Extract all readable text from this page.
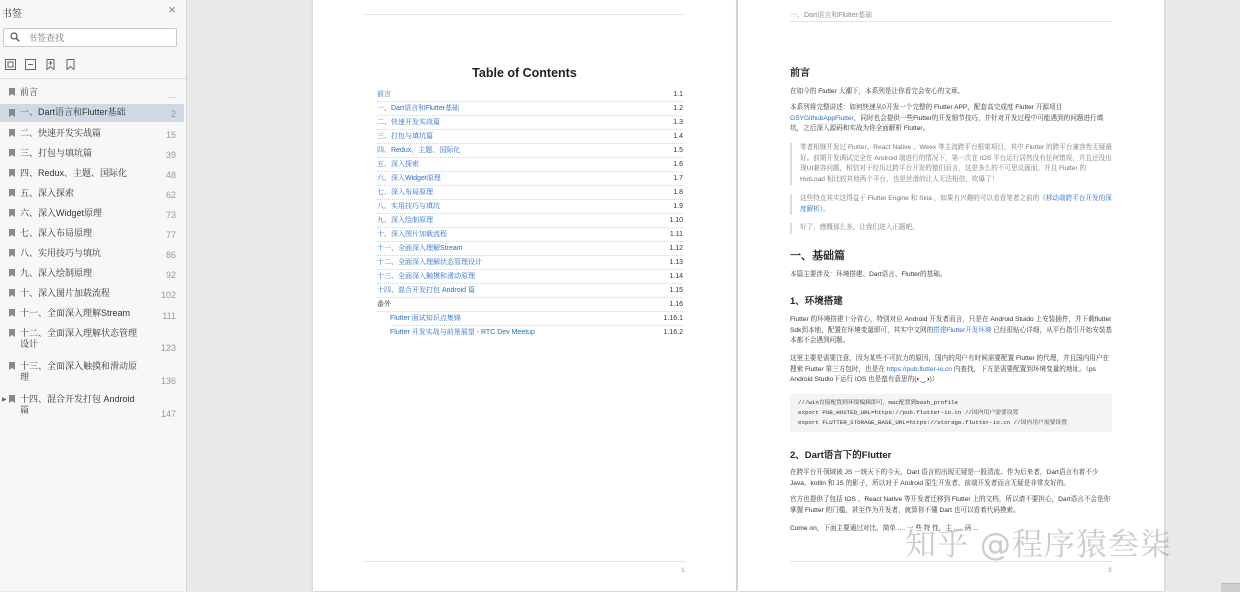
书签	×
书签查找
前言	...
一、Dart语言和Flutter基础	2
二、快速开发实战篇	15
三、打包与填坑篇	39
四、Redux、主题、国际化	48
五、深入探索	62
六、深入Widget原理	73
七、深入布局原理	77
八、实用技巧与填坑	86
九、深入绘制原理	92
十、深入图片加载流程	102
十一、全面深入理解Stream	111
十二、全面深入理解状态管理设计	123
十三、全面深入触摸和滑动原理	136
▶ 十四、混合开发打包 Android篇	147
Table of Contents
前言	1.1
一、Dart语言和Flutter基础	1.2
二、快速开发实战篇	1.3
三、打包与填坑篇	1.4
四、Redux、主题、国际化	1.5
五、深入探索	1.6
六、深入Widget原理	1.7
七、深入布局原理	1.8
八、实用技巧与填坑	1.9
九、深入绘制原理	1.10
十、深入图片加载流程	1.11
十一、全面深入理解Stream	1.12
十二、全面深入理解状态管理设计	1.13
十三、全面深入触摸和滑动原理	1.14
十四、混合开发打包 Android 篇	1.15
番外	1.16
Flutter 面试知识点集锦	1.16.1
Flutter 开发实战与前景展望 - RTC Dev Meetup	1.16.2
1
一、Dart语言和Flutter基础
前言
在如今的 Flutter 大潮下，本系列是让你看完会安心的文章。
本系列将完整讲述：如何快速从0开发一个完整的 Flutter APP，配套高完成度 Flutter 开源项目GSYGithubAppFlutter，同时也会提供一些Flutter的开发细节技巧，并针对开发过程中可能遇到的问题进行填坑，之后深入源码和实战为你全面解析 Flutter。
笔者相继开发过 Flutter、React Native 、Weex 等主流跨平台框架项目，其中 Flutter 的跨平台兼容性无疑最好。前期开发调试完全在 Android 端进行的情况下，第一次在 IOS 平台运行居然没有任何错误，并且还没出现UI兼容问题，相信对于经历过跨平台开发的猿们而言，这是多么的不可思议画面。并且 Flutter 的 HotLoad 相比较其他两个平台，也是丝滑的让人无法相信，吹爆了！
这些特点其实这得益于 Flutter Engine 和 Skia ，如果有兴趣的可以看看笔者之前的《移动端跨平台开发的深度解析》。
好了，感慨那么多，让我们进入正题吧。
一、基础篇
本篇主要涉及：环境搭建、Dart语言、Flutter的基础。
1、环境搭建
Flutter 的环境搭建十分省心，特别对应 Android 开发者而言，只是在 Android Stuido 上安装插件，并下载flutter Sdk到本地，配置在环境变量即可，其实中文网的搭建Flutter开发环境 已经很贴心详细，从平台指引开始安装基本都不会遇到问题。
这里主要是需要注意，因为某些不可抗力的原因，国内的用户有时候需要配置 Flutter 的代理，并且国内用户在搜索 Flutter 第三方包时，也是在 https://pub.flutter-io.cn 内查找，下方是需要配置到环境变量的地址。（ps Android Studio下运行 IOS 也是蛮有意思的(◐‿◑)）
///win直接配置到环境编辑即可，mac配置到bash_profile
export PUB_HOSTED_URL=https://pub.flutter-io.cn //国内用户需要设置
export FLUTTER_STORAGE_BASE_URL=https://storage.flutter-io.cn //国内用户需要设置
2、Dart语言下的Flutter
在跨平台开领域被 JS 一统天下的今天，Dart 语言的出现无疑是一股清流。作为后来者，Dart语言有着不少Java、kotlin 和 JS 的影子，所以对于 Android 原生开发者、前端开发者而言无疑是非常友好的。
官方也提供了包括 IOS 、React Native 等开发者迁移到 Flutter 上的文档，所以请不要担心，Dart语言不会是你掌握 Flutter 的门槛，甚至作为开发者，就算你不懂 Dart 也可以看着代码摸索。
Come on，下面主要通过对比，简单 .... 一 些 特 性，主 ..... 码 ...
3
知乎 @程序猿叁柒
